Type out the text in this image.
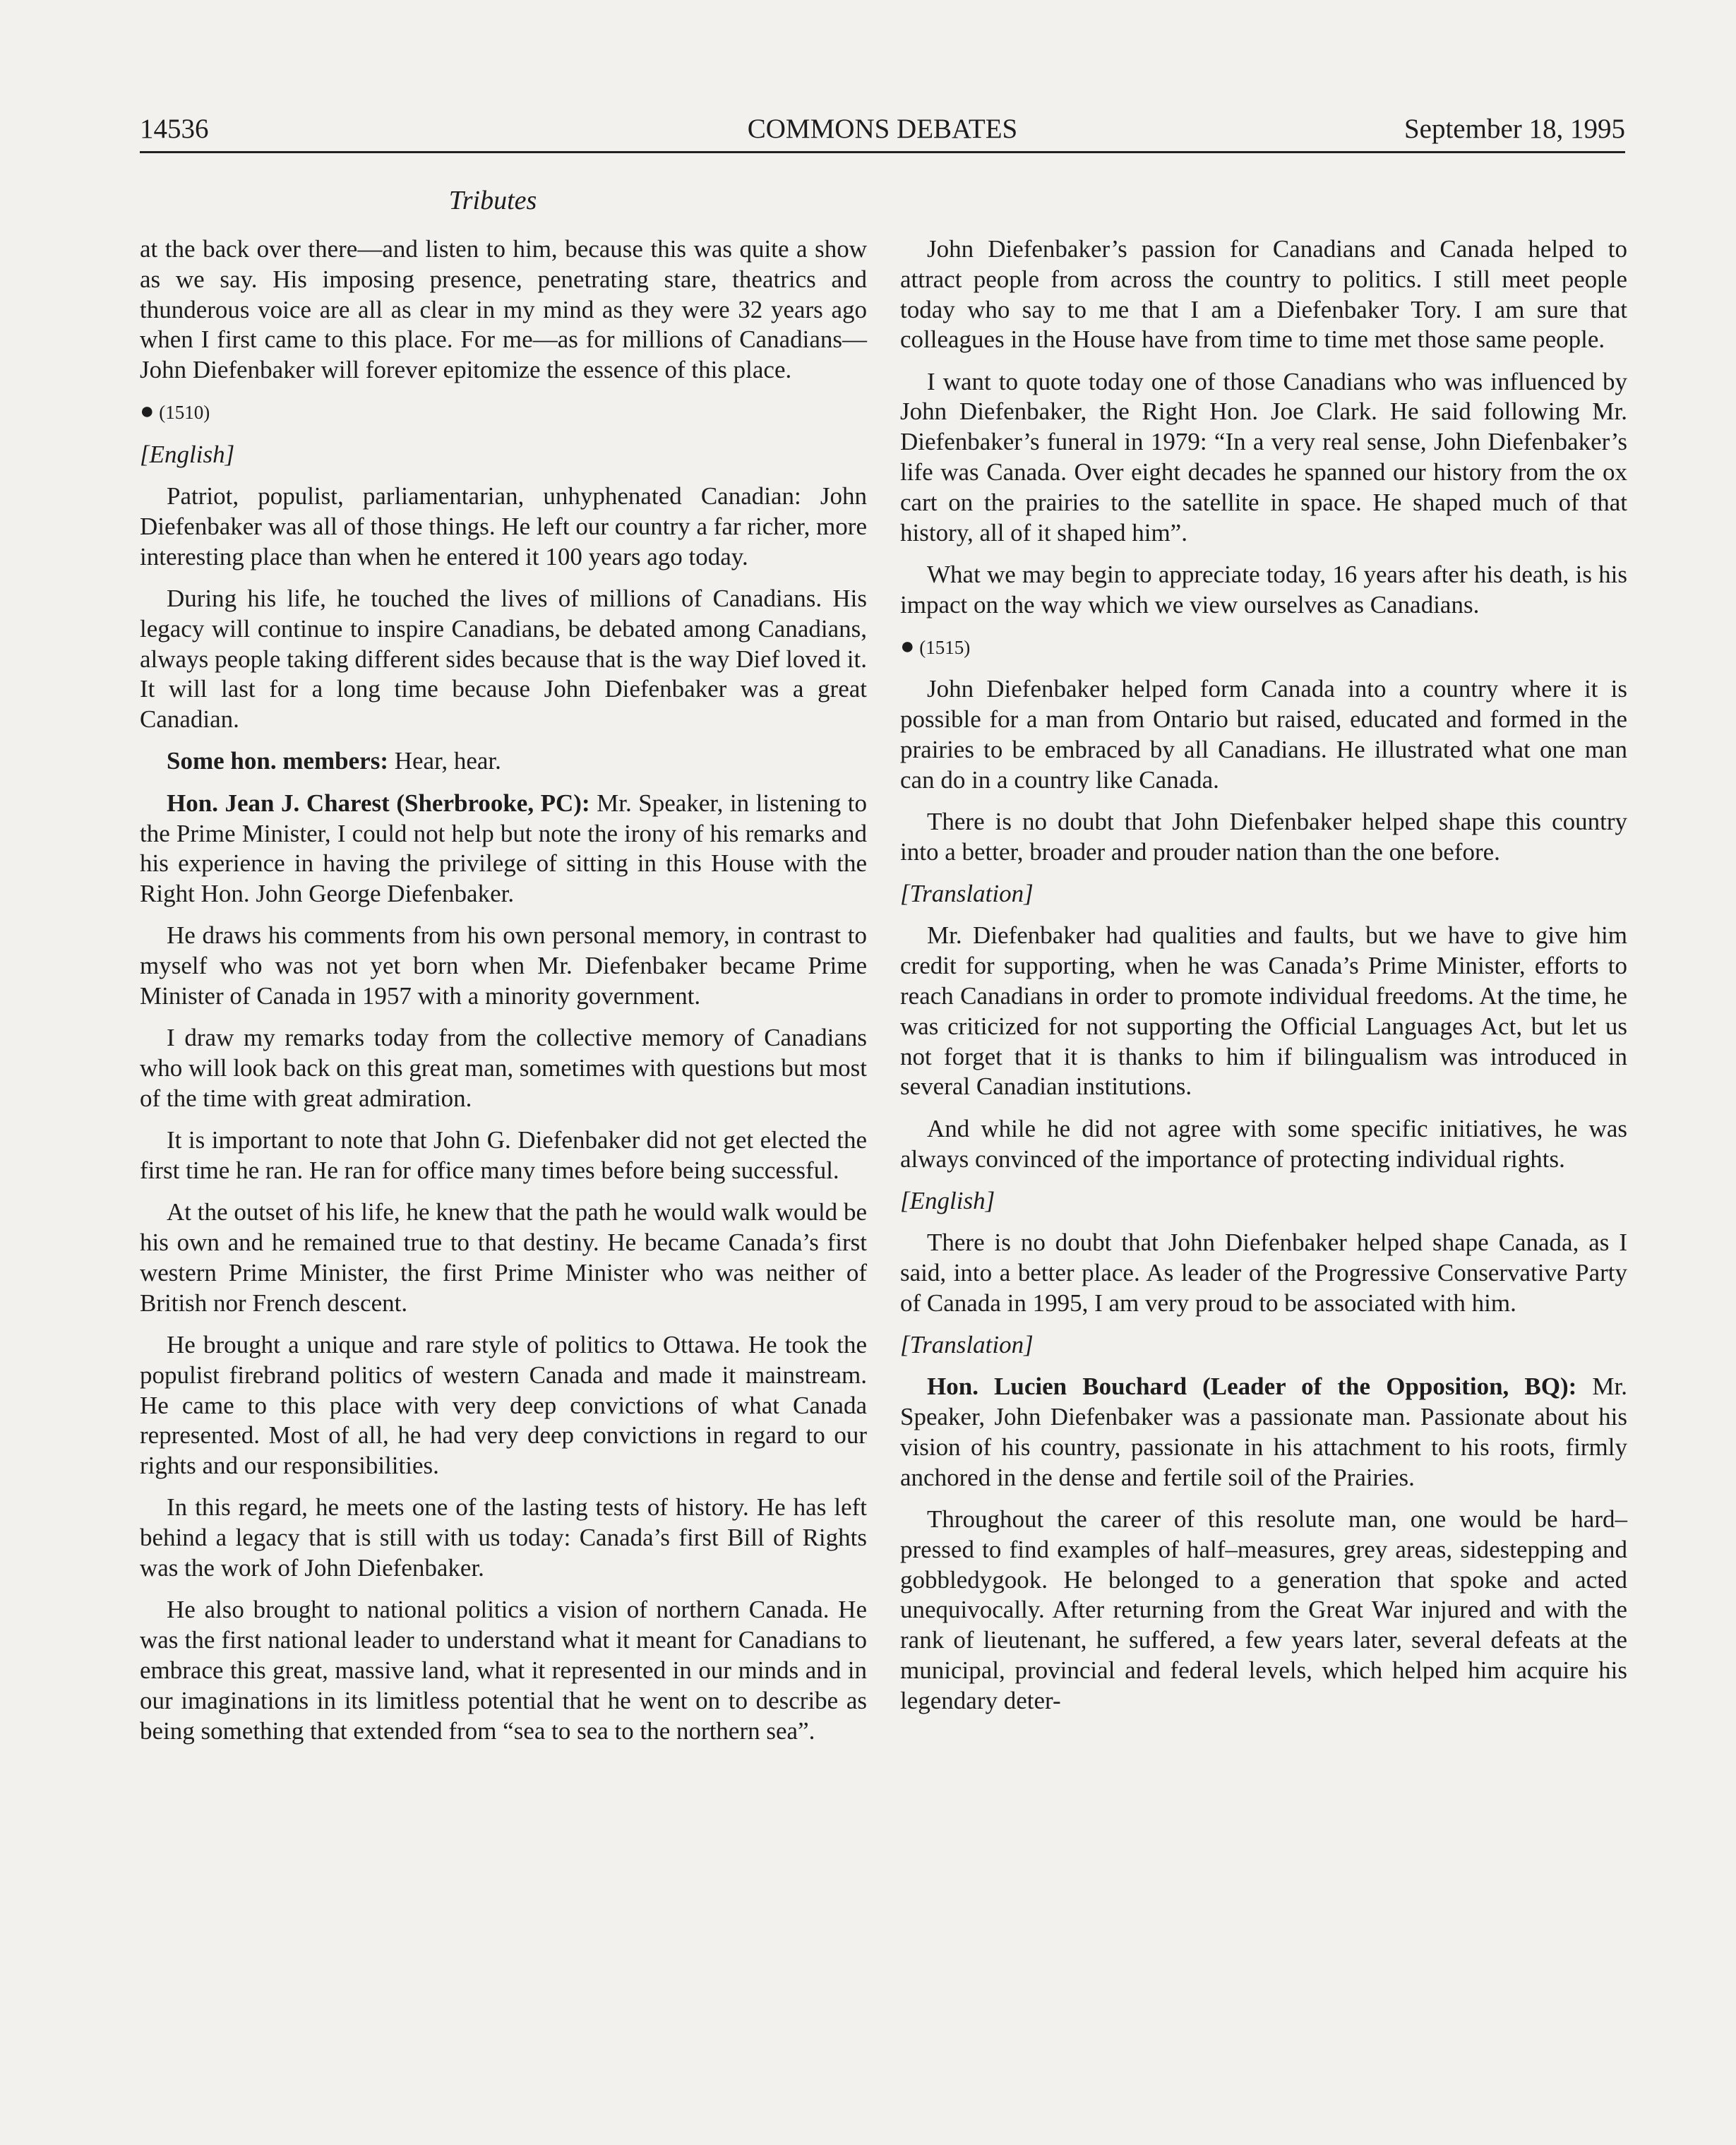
14536	COMMONS DEBATES	September 18, 1995
Tributes

at the back over there—and listen to him, because this was quite a show as we say. His imposing presence, penetrating stare, theatrics and thunderous voice are all as clear in my mind as they were 32 years ago when I first came to this place. For me—as for millions of Canadians—John Diefenbaker will forever epitomize the essence of this place.

● (1510)
[English]

Patriot, populist, parliamentarian, unhyphenated Canadian: John Diefenbaker was all of those things. He left our country a far richer, more interesting place than when he entered it 100 years ago today.

During his life, he touched the lives of millions of Canadians. His legacy will continue to inspire Canadians, be debated among Canadians, always people taking different sides because that is the way Dief loved it. It will last for a long time because John Diefenbaker was a great Canadian.

Some hon. members: Hear, hear.

Hon. Jean J. Charest (Sherbrooke, PC): Mr. Speaker, in listening to the Prime Minister, I could not help but note the irony of his remarks and his experience in having the privilege of sitting in this House with the Right Hon. John George Diefenbaker.

He draws his comments from his own personal memory, in contrast to myself who was not yet born when Mr. Diefenbaker became Prime Minister of Canada in 1957 with a minority government.

I draw my remarks today from the collective memory of Canadians who will look back on this great man, sometimes with questions but most of the time with great admiration.

It is important to note that John G. Diefenbaker did not get elected the first time he ran. He ran for office many times before being successful.

At the outset of his life, he knew that the path he would walk would be his own and he remained true to that destiny. He became Canada’s first western Prime Minister, the first Prime Minister who was neither of British nor French descent.

He brought a unique and rare style of politics to Ottawa. He took the populist firebrand politics of western Canada and made it mainstream. He came to this place with very deep convictions of what Canada represented. Most of all, he had very deep convictions in regard to our rights and our responsibilities.

In this regard, he meets one of the lasting tests of history. He has left behind a legacy that is still with us today: Canada’s first Bill of Rights was the work of John Diefenbaker.

He also brought to national politics a vision of northern Canada. He was the first national leader to understand what it meant for Canadians to embrace this great, massive land, what it represented in our minds and in our imaginations in its limitless potential that he went on to describe as being something that extended from “sea to sea to the northern sea”.

John Diefenbaker’s passion for Canadians and Canada helped to attract people from across the country to politics. I still meet people today who say to me that I am a Diefenbaker Tory. I am sure that colleagues in the House have from time to time met those same people.

I want to quote today one of those Canadians who was influenced by John Diefenbaker, the Right Hon. Joe Clark. He said following Mr. Diefenbaker’s funeral in 1979: “In a very real sense, John Diefenbaker’s life was Canada. Over eight decades he spanned our history from the ox cart on the prairies to the satellite in space. He shaped much of that history, all of it shaped him”.

What we may begin to appreciate today, 16 years after his death, is his impact on the way which we view ourselves as Canadians.

● (1515)

John Diefenbaker helped form Canada into a country where it is possible for a man from Ontario but raised, educated and formed in the prairies to be embraced by all Canadians. He illustrated what one man can do in a country like Canada.

There is no doubt that John Diefenbaker helped shape this country into a better, broader and prouder nation than the one before.

[Translation]

Mr. Diefenbaker had qualities and faults, but we have to give him credit for supporting, when he was Canada’s Prime Minister, efforts to reach Canadians in order to promote individual freedoms. At the time, he was criticized for not supporting the Official Languages Act, but let us not forget that it is thanks to him if bilingualism was introduced in several Canadian institutions.

And while he did not agree with some specific initiatives, he was always convinced of the importance of protecting individual rights.

[English]

There is no doubt that John Diefenbaker helped shape Canada, as I said, into a better place. As leader of the Progressive Conservative Party of Canada in 1995, I am very proud to be associated with him.

[Translation]

Hon. Lucien Bouchard (Leader of the Opposition, BQ): Mr. Speaker, John Diefenbaker was a passionate man. Passionate about his vision of his country, passionate in his attachment to his roots, firmly anchored in the dense and fertile soil of the Prairies.

Throughout the career of this resolute man, one would be hard–pressed to find examples of half–measures, grey areas, sidestepping and gobbledygook. He belonged to a generation that spoke and acted unequivocally. After returning from the Great War injured and with the rank of lieutenant, he suffered, a few years later, several defeats at the municipal, provincial and federal levels, which helped him acquire his legendary deter-
